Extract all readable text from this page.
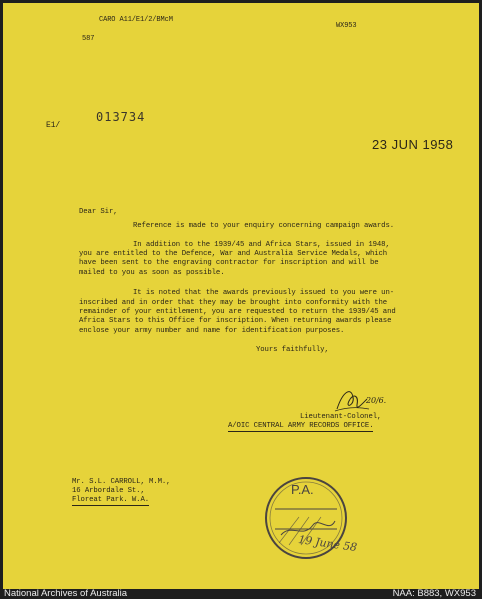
CARO A11/E1/2/BMcM
WX953
587
E1/
013734
23 JUN 1958
Dear Sir,
Reference is made to your enquiry concerning campaign awards.
In addition to the 1939/45 and Africa Stars, issued in 1948,
you are entitled to the Defence, War and Australia Service Medals, which
have been sent to the engraving contractor for inscription and will be
mailed to you as soon as possible.
It is noted that the awards previously issued to you were un-
inscribed and in order that they may be brought into conformity with the
remainder of your entitlement, you are requested to return the 1939/45 and
Africa Stars to this Office for inscription. When returning awards please
enclose your army number and name for identification purposes.
Yours faithfully,
20/6.
Lieutenant-Colonel,
A/OIC CENTRAL ARMY RECORDS OFFICE.
Mr. S.L. CARROLL, M.M.,
16 Arbordale St.,
Floreat Park. W.A.
P.A.
19 June 58
National Archives of Australia	NAA: B883, WX953
